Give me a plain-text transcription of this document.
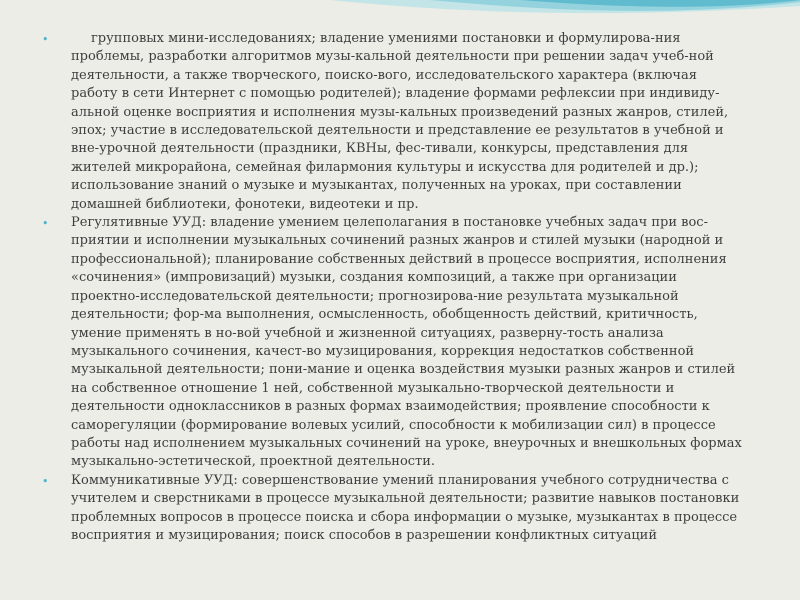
•	групповых мини-исследованиях; владение умениями постановки и формулирова-ния проблемы, разработки алгоритмов музы-кальной деятельности при решении задач учеб-ной деятельности, а также творческого, поиско-вого, исследовательского характера (включая работу в сети Интернет с помощью родителей); владение формами рефлексии при индивиду-альной оценке восприятия и исполнения музы-кальных произведений разных жанров, стилей, эпох; участие в исследовательской деятельности и представление ее результатов в учебной и вне-урочной деятельности (праздники, КВНы, фес-тивали, конкурсы, представления для жителей микрорайона, семейная филармония культуры и искусства для родителей и др.); использование знаний о музыке и музыкантах, полученных на уроках, при составлении домашней библиотеки, фонотеки, видеотеки и пр.

• Регулятивные УУД: владение умением целеполагания в постановке учебных задач при вос-приятии и исполнении музыкальных сочинений разных жанров и стилей музыки (народной и профессиональной); планирование собственных действий в процессе восприятия, исполнения «сочинения» (импровизаций) музыки, создания композиций, а также при организации проектно-исследовательской деятельности; прогнозирова-ние результата музыкальной деятельности; фор-ма выполнения, осмысленность, обобщенность действий, критичность, умение применять в но-вой учебной и жизненной ситуациях, разверну-тость анализа музыкального сочинения, качест-во музицирования, коррекция недостатков собственной музыкальной деятельности; пони-мание и оценка воздействия музыки разных жанров и стилей на собственное отношение 1 ней, собственной музыкально-творческой деятельности и деятельности одноклассников в разных формах взаимодействия; проявление способности к саморегуляции (формирование волевых усилий, способности к мобилизации сил) в процессе работы над исполнением музыкальных сочинений на уроке, внеурочных и внешкольных формах музыкально-эстетической, проектной деятельности.

• Коммуникативные УУД: совершенствование умений планирования учебного сотрудничества с учителем и сверстниками в процессе музыкальной деятельности; развитие навыков постановки проблемных вопросов в процессе поиска и сбора информации о музыке, музыкантах в процессе восприятия и музицирования; поиск способов в разрешении конфликтных ситуаций
